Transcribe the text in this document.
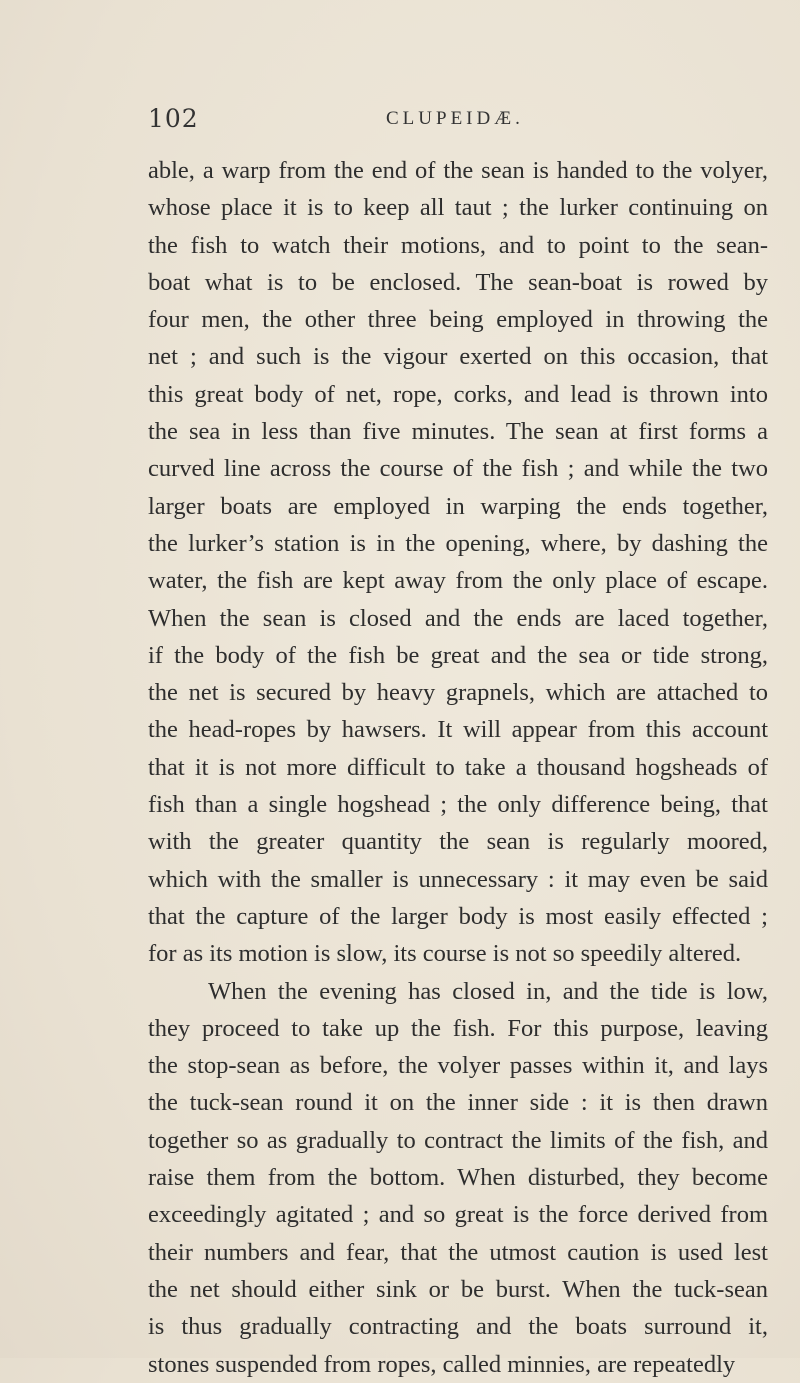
102	CLUPEIDÆ.
able, a warp from the end of the sean is handed to the volyer,
whose place it is to keep all taut ; the lurker continuing on
the fish to watch their motions, and to point to the sean-
boat what is to be enclosed. The sean-boat is rowed by
four men, the other three being employed in throwing the
net ; and such is the vigour exerted on this occasion, that
this great body of net, rope, corks, and lead is thrown into
the sea in less than five minutes. The sean at first forms a
curved line across the course of the fish ; and while the two
larger boats are employed in warping the ends together,
the lurker’s station is in the opening, where, by dashing the
water, the fish are kept away from the only place of escape.
When the sean is closed and the ends are laced together,
if the body of the fish be great and the sea or tide strong,
the net is secured by heavy grapnels, which are attached to
the head-ropes by hawsers. It will appear from this account
that it is not more difficult to take a thousand hogsheads of
fish than a single hogshead ; the only difference being, that
with the greater quantity the sean is regularly moored,
which with the smaller is unnecessary : it may even be said
that the capture of the larger body is most easily effected ;
for as its motion is slow, its course is not so speedily altered.
When the evening has closed in, and the tide is low,
they proceed to take up the fish. For this purpose, leaving
the stop-sean as before, the volyer passes within it, and lays
the tuck-sean round it on the inner side : it is then drawn
together so as gradually to contract the limits of the fish, and
raise them from the bottom. When disturbed, they become
exceedingly agitated ; and so great is the force derived from
their numbers and fear, that the utmost caution is used lest
the net should either sink or be burst. When the tuck-sean
is thus gradually contracting and the boats surround it,
stones suspended from ropes, called minnies, are repeatedly
